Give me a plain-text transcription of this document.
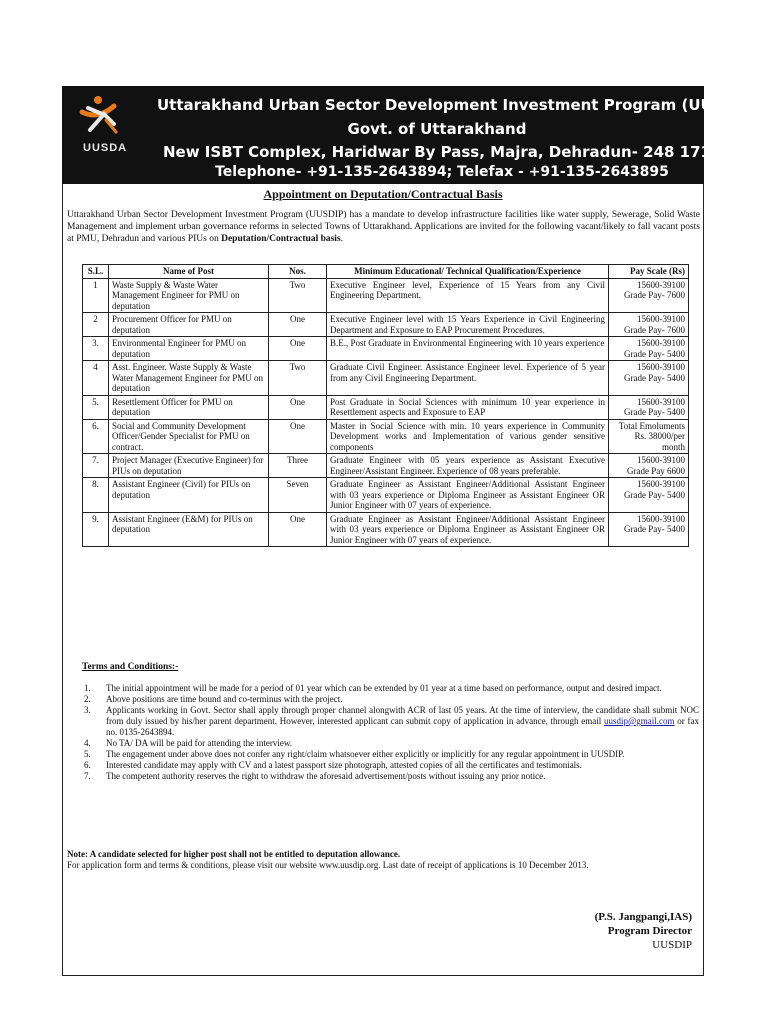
UUSDA
Uttarakhand Urban Sector Development Investment Program (UUSDIP)
Govt. of Uttarakhand
New ISBT Complex, Haridwar By Pass, Majra, Dehradun- 248 171
Telephone- +91-135-2643894; Telefax - +91-135-2643895
Appointment on Deputation/Contractual Basis
Uttarakhand Urban Sector Development Investment Program (UUSDIP) has a mandate to develop infrastructure facilities like water supply, Sewerage, Solid Waste Management and implement urban governance reforms in selected Towns of Uttarakhand. Applications are invited for the following vacant/likely to fall vacant posts at PMU, Dehradun and various PIUs on Deputation/Contractual basis.
S.L.	Name of Post	Nos.	Minimum Educational/ Technical Qualification/Experience	Pay Scale (Rs)
1	Waste Supply & Waste Water Management Engineer for PMU on deputation	Two	Executive Engineer level, Experience of 15 Years from any Civil Engineering Department.	15600-39100
Grade Pay- 7600

2	Procurement Officer for PMU on deputation	One	Executive Engineer level with 15 Years Experience in Civil Engineering Department and Exposure to EAP Procurement Procedures.	15600-39100
Grade Pay- 7600

3.	Environmental Engineer for PMU on deputation	One	B.E., Post Graduate in Environmental Engineering with 10 years experience	15600-39100
Grade Pay- 5400

4	Asst. Engineer. Waste Supply & Waste Water Management Engineer for PMU on deputation	Two	Graduate Civil Engineer. Assistance Engineer level. Experience of 5 year from any Civil Engineering Department.	15600-39100
Grade Pay- 5400

5.	Resettlement Officer for PMU on deputation	One	Post Graduate in Social Sciences with minimum 10 year experience in Resettlement aspects and Exposure to EAP	15600-39100
Grade Pay- 5400

6.	Social and Community Development Officer/Gender Specialist for PMU on contract.	One	Master in Social Science with min. 10 years experience in Community Development works and Implementation of various gender sensitive components	Total Emoluments
Rs. 38000/per month

7.	Project Manager (Executive Engineer) for PIUs on deputation	Three	Graduate Engineer with 05 years experience as Assistant Executive Engineer/Assistant Engineer. Experience of 08 years preferable.	15600-39100
Grade Pay 6600

8.	Assistant Engineer (Civil) for PIUs on deputation	Seven	Graduate Engineer as Assistant Engineer/Additional Assistant Engineer with 03 years experience or Diploma Engineer as Assistant Engineer OR Junior Engineer with 07 years of experience.	15600-39100
Grade Pay- 5400

9.	Assistant Engineer (E&M) for PIUs on deputation	One	Graduate Engineer as Assistant Engineer/Additional Assistant Engineer with 03 years experience or Diploma Engineer as Assistant Engineer OR Junior Engineer with 07 years of experience.	15600-39100
Grade Pay- 5400
Terms and Conditions:-
1. The initial appointment will be made for a period of 01 year which can be extended by 01 year at a time based on performance, output and desired impact.
2. Above positions are time bound and co-terminus with the project.
3. Applicants working in Govt. Sector shall apply through proper channel alongwith ACR of last 05 years. At the time of interview, the candidate shall submit NOC from duly issued by his/her parent department. However, interested applicant can submit copy of application in advance, through email uusdip@gmail.com or fax no. 0135-2643894.
4. No TA/ DA will be paid for attending the interview.
5. The engagement under above does not confer any right/claim whatsoever either explicitly or implicitly for any regular appointment in UUSDIP.
6. Interested candidate may apply with CV and a latest passport size photograph, attested copies of all the certificates and testimonials.
7. The competent authority reserves the right to withdraw the aforesaid advertisement/posts without issuing any prior notice.
Note: A candidate selected for higher post shall not be entitled to deputation allowance.
For application form and terms & conditions, please visit our website www.uusdip.org. Last date of receipt of applications is 10 December 2013.
(P.S. Jangpangi,IAS)
Program Director
UUSDIP
